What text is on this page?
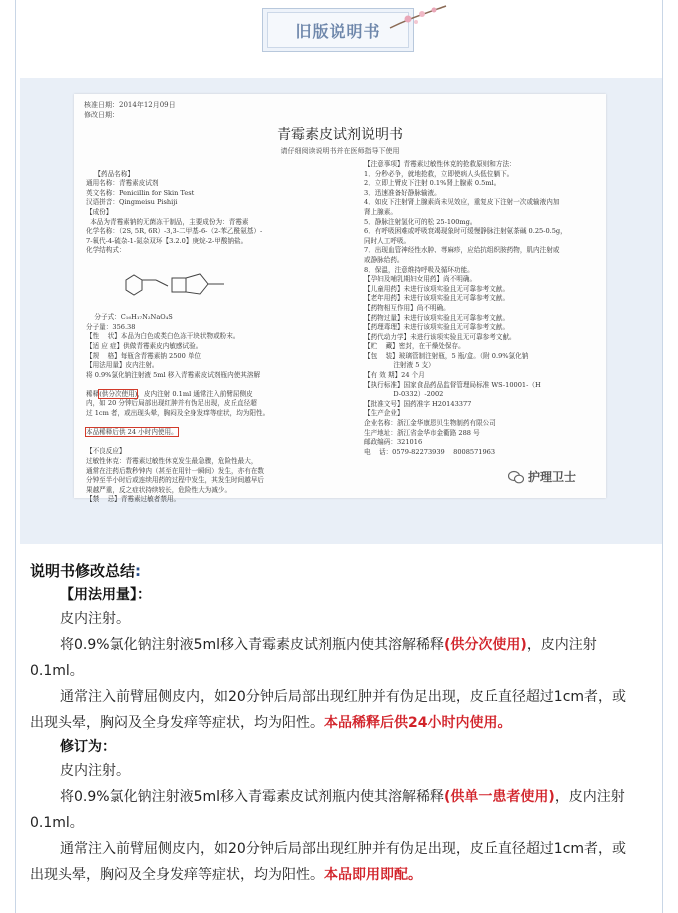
旧版说明书
核准日期：2014年12月09日
修改日期：
青霉素皮试剂说明书
请仔细阅读说明书并在医师指导下使用

【药品名称】
通用名称：青霉素皮试剂
英文名称：Penicillin for Skin Test
汉语拼音：Qingmeisu Pishiji
【成份】
本品为青霉素钠的无菌冻干制品，主要成份为：青霉素
化学名称：（2S, 5R, 6R）-3,3-二甲基-6-（2-苯乙酰氨基）-
7-氧代-4-硫杂-1-氮杂双环【3.2.0】庚烷-2-甲酸钠盐。
化学结构式：

分子式：C₁₆H₁₇N₂NaO₄S
分子量：356.38
【性    状】本品为白色或类白色冻干块状物或粉末。
【适 应 症】供做青霉素皮内敏感试验。
【规    格】每瓶含青霉素钠 2500 单位
【用法用量】皮内注射。
将 0.9%氯化钠注射液 5ml 移入青霉素皮试剂瓶内使其溶解

稀释(供分次使用)，皮内注射 0.1ml 通常注入前臂屈侧皮
内，如 20 分钟后局部出现红肿并有伪足出现，皮丘直径超
过 1cm 者，或出现头晕，胸闷及全身发痒等症状，均为阳性。

本品稀释后供 24 小时内使用。

【不良反应】
过敏性休克：青霉素过敏性休克发生最急骤，危险性最大，
通常在注药后数秒钟内（甚至在用针一瞬间）发生，亦有在数
分钟至半小时后或连续用药的过程中发生，其发生时间越早后
果越严重，反之症状持续较长，危险性大为减少。
【禁    忌】青霉素过敏者禁用。

【注意事项】青霉素过敏性休克的抢救原则和方法：
1．分秒必争，就地抢救，立即使病人头低位躺下。
2．立即上臂皮下注射 0.1%肾上腺素 0.5ml。
3．迅速准备好静脉输液。
4．如皮下注射肾上腺素尚未见效应，重复皮下注射一次或输液内加
肾上腺素。
5．静脉注射氢化可的松 25-100mg。
6．有呼吸困难或呼吸衰竭现象时可缓慢静脉注射氨茶碱 0.25-0.5g，
同时人工呼吸。
7．出现血管神经性水肿、荨麻疹，应给抗组织胺药物，肌内注射或
或静脉给药。
8．保温，注意维持呼吸及循环功能。
【孕妇及哺乳期妇女用药】尚不明确。
【儿童用药】未进行该项实验且无可靠参考文献。
【老年用药】未进行该项实验且无可靠参考文献。
【药物相互作用】尚不明确。
【药物过量】未进行该项实验且无可靠参考文献。
【药理毒理】未进行该项实验且无可靠参考文献。
【药代动力学】未进行该项实验且无可靠参考文献。
【贮    藏】密封，在干燥处保存。
【包    装】玻璃管制注射瓶，5 瓶/盒。（附 0.9%氯化钠
注射液 5 支）
【有 效 期】24 个月
【执行标准】国家食品药品监督管理局标准 WS-10001-（H
D-0332）-2002
【批准文号】国药准字 H20143377
【生产企业】
企业名称：浙江金华康恩贝生物制药有限公司
生产地址：浙江省金华市金衢路 288 号
邮政编码：321016
电    话：0579-82273939    8008571963
护理卫士
说明书修改总结:
【用法用量】：
皮内注射。
将0.9%氯化钠注射液5ml移入青霉素皮试剂瓶内使其溶解稀释(供分次使用)，皮内注射0.1ml。
通常注入前臂屈侧皮内，如20分钟后局部出现红肿并有伪足出现，皮丘直径超过1cm者，或出现头晕，胸闷及全身发痒等症状，均为阳性。本品稀释后供24小时内使用。
修订为：
皮内注射。
将0.9%氯化钠注射液5ml移入青霉素皮试剂瓶内使其溶解稀释(供单一患者使用)，皮内注射0.1ml。
通常注入前臂屈侧皮内，如20分钟后局部出现红肿并有伪足出现，皮丘直径超过1cm者，或出现头晕，胸闷及全身发痒等症状，均为阳性。本品即用即配。
